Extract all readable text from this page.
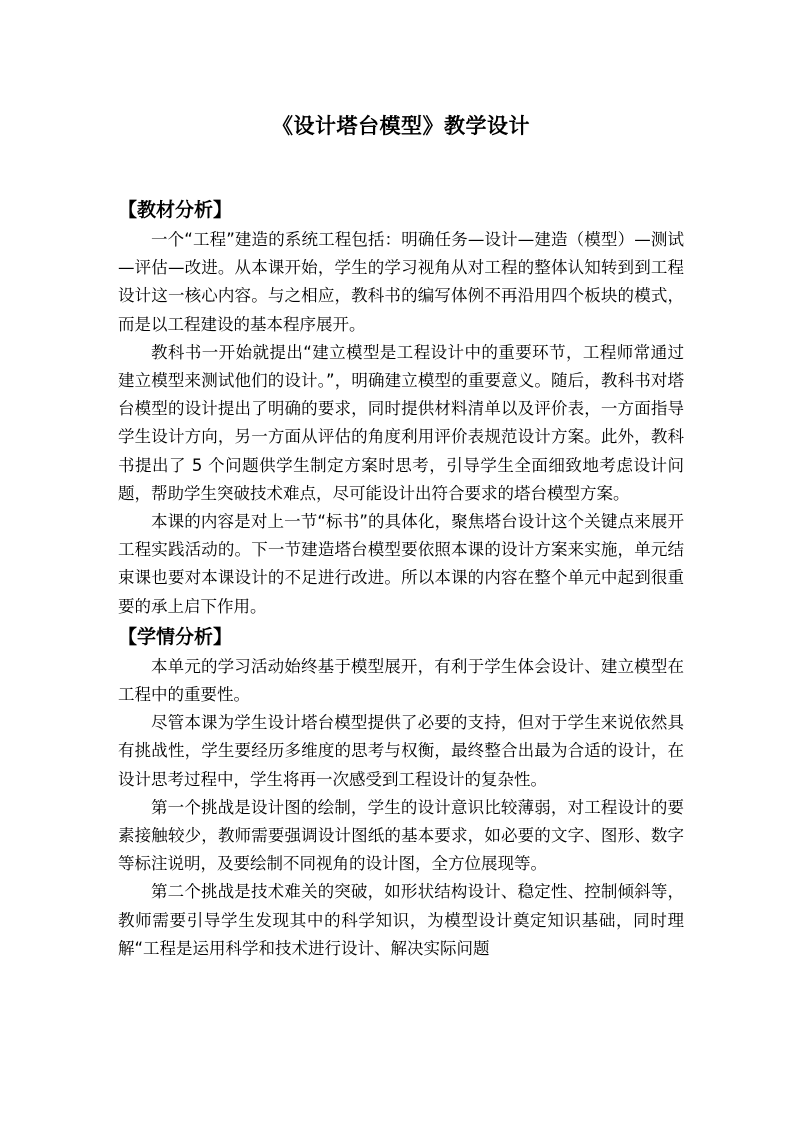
《设计塔台模型》教学设计
【教材分析】

一个“工程”建造的系统工程包括：明确任务—设计—建造（模型）—测试—评估—改进。从本课开始，学生的学习视角从对工程的整体认知转到到工程设计这一核心内容。与之相应，教科书的编写体例不再沿用四个板块的模式，而是以工程建设的基本程序展开。

教科书一开始就提出“建立模型是工程设计中的重要环节，工程师常通过建立模型来测试他们的设计。”，明确建立模型的重要意义。随后，教科书对塔台模型的设计提出了明确的要求，同时提供材料清单以及评价表，一方面指导学生设计方向，另一方面从评估的角度利用评价表规范设计方案。此外，教科书提出了 5 个问题供学生制定方案时思考，引导学生全面细致地考虑设计问题，帮助学生突破技术难点，尽可能设计出符合要求的塔台模型方案。

本课的内容是对上一节“标书”的具体化，聚焦塔台设计这个关键点来展开工程实践活动的。下一节建造塔台模型要依照本课的设计方案来实施，单元结束课也要对本课设计的不足进行改进。所以本课的内容在整个单元中起到很重要的承上启下作用。

【学情分析】

本单元的学习活动始终基于模型展开，有利于学生体会设计、建立模型在工程中的重要性。

尽管本课为学生设计塔台模型提供了必要的支持，但对于学生来说依然具有挑战性，学生要经历多维度的思考与权衡，最终整合出最为合适的设计，在设计思考过程中，学生将再一次感受到工程设计的复杂性。

第一个挑战是设计图的绘制，学生的设计意识比较薄弱，对工程设计的要素接触较少，教师需要强调设计图纸的基本要求，如必要的文字、图形、数字等标注说明，及要绘制不同视角的设计图，全方位展现等。

第二个挑战是技术难关的突破，如形状结构设计、稳定性、控制倾斜等，教师需要引导学生发现其中的科学知识，为模型设计奠定知识基础，同时理解“工程是运用科学和技术进行设计、解决实际问题
